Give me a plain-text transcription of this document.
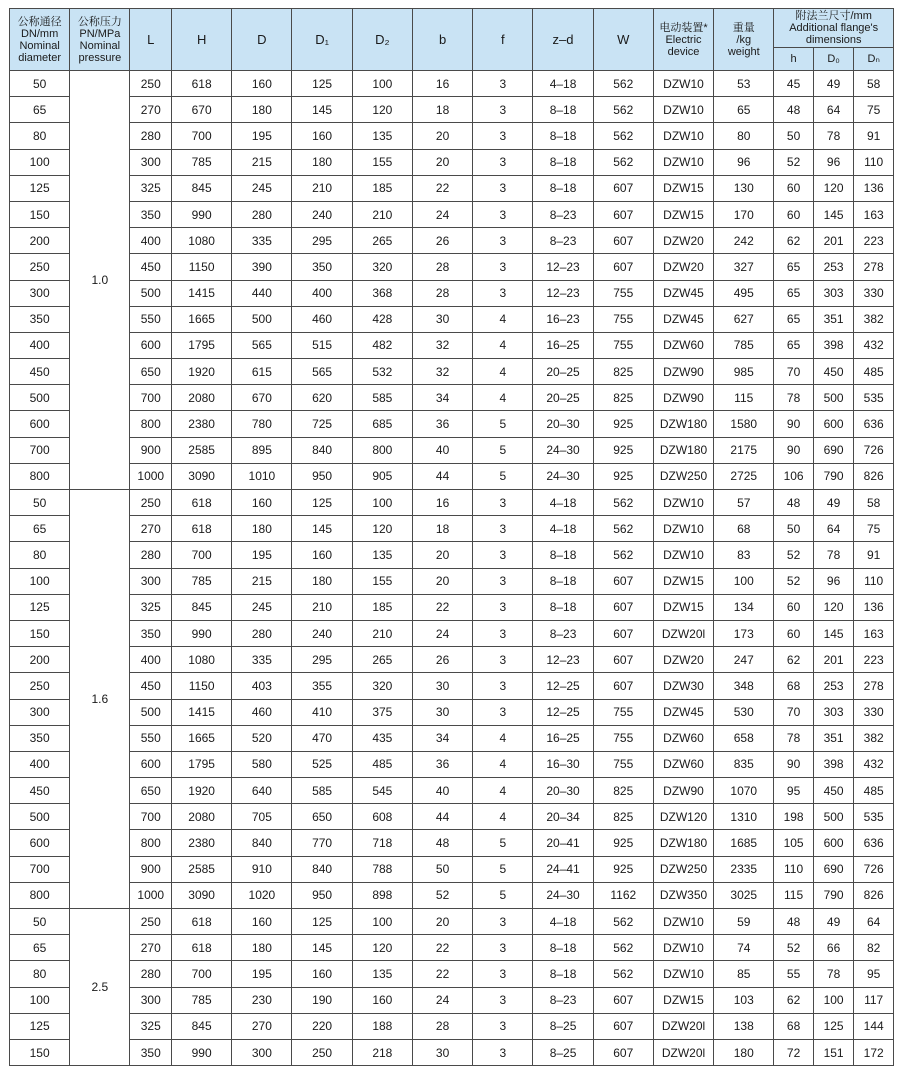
公称通径
DN/mm
Nominal
diameter	公称压力
PN/MPa
Nominal
pressure	L	H	D	D₁	D₂	b	f	z–d	W	电动装置*
Electric
device	重量
/kg
weight	附法兰尺寸/mm
Additional flange's
dimensions		
													h	D₀	Dₙ
50	1.0	250	618	160	125	100	16	3	4–18	562	DZW10	53	45	49	58
65		270	670	180	145	120	18	3	8–18	562	DZW10	65	48	64	75
80		280	700	195	160	135	20	3	8–18	562	DZW10	80	50	78	91
100		300	785	215	180	155	20	3	8–18	562	DZW10	96	52	96	110
125		325	845	245	210	185	22	3	8–18	607	DZW15	130	60	120	136
150		350	990	280	240	210	24	3	8–23	607	DZW15	170	60	145	163
200		400	1080	335	295	265	26	3	8–23	607	DZW20	242	62	201	223
250		450	1150	390	350	320	28	3	12–23	607	DZW20	327	65	253	278
300		500	1415	440	400	368	28	3	12–23	755	DZW45	495	65	303	330
350		550	1665	500	460	428	30	4	16–23	755	DZW45	627	65	351	382
400		600	1795	565	515	482	32	4	16–25	755	DZW60	785	65	398	432
450		650	1920	615	565	532	32	4	20–25	825	DZW90	985	70	450	485
500		700	2080	670	620	585	34	4	20–25	825	DZW90	115	78	500	535
600		800	2380	780	725	685	36	5	20–30	925	DZW180	1580	90	600	636
700		900	2585	895	840	800	40	5	24–30	925	DZW180	2175	90	690	726
800		1000	3090	1010	950	905	44	5	24–30	925	DZW250	2725	106	790	826
50	1.6	250	618	160	125	100	16	3	4–18	562	DZW10	57	48	49	58
65		270	618	180	145	120	18	3	4–18	562	DZW10	68	50	64	75
80		280	700	195	160	135	20	3	8–18	562	DZW10	83	52	78	91
100		300	785	215	180	155	20	3	8–18	607	DZW15	100	52	96	110
125		325	845	245	210	185	22	3	8–18	607	DZW15	134	60	120	136
150		350	990	280	240	210	24	3	8–23	607	DZW20l	173	60	145	163
200		400	1080	335	295	265	26	3	12–23	607	DZW20	247	62	201	223
250		450	1150	403	355	320	30	3	12–25	607	DZW30	348	68	253	278
300		500	1415	460	410	375	30	3	12–25	755	DZW45	530	70	303	330
350		550	1665	520	470	435	34	4	16–25	755	DZW60	658	78	351	382
400		600	1795	580	525	485	36	4	16–30	755	DZW60	835	90	398	432
450		650	1920	640	585	545	40	4	20–30	825	DZW90	1070	95	450	485
500		700	2080	705	650	608	44	4	20–34	825	DZW120	1310	198	500	535
600		800	2380	840	770	718	48	5	20–41	925	DZW180	1685	105	600	636
700		900	2585	910	840	788	50	5	24–41	925	DZW250	2335	110	690	726
800		1000	3090	1020	950	898	52	5	24–30	1162	DZW350	3025	115	790	826
50	2.5	250	618	160	125	100	20	3	4–18	562	DZW10	59	48	49	64
65		270	618	180	145	120	22	3	8–18	562	DZW10	74	52	66	82
80		280	700	195	160	135	22	3	8–18	562	DZW10	85	55	78	95
100		300	785	230	190	160	24	3	8–23	607	DZW15	103	62	100	117
125		325	845	270	220	188	28	3	8–25	607	DZW20l	138	68	125	144
150		350	990	300	250	218	30	3	8–25	607	DZW20l	180	72	151	172
